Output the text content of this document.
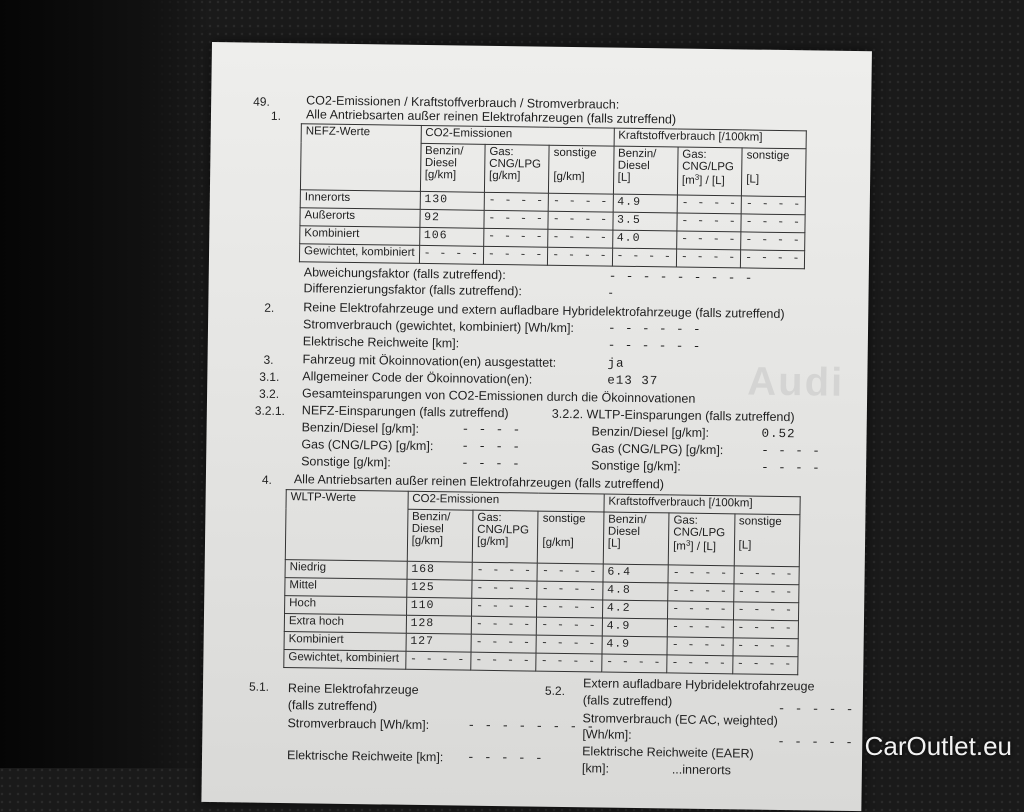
Audi
49.	CO2-Emissionen / Kraftstoffverbrauch / Stromverbrauch:
1. Alle Antriebsarten außer reinen Elektrofahrzeugen (falls zutreffend)
NEFZ-Werte	CO2-Emissionen			Kraftstoffverbrauch [/100km]		
	Benzin/
Diesel
[g/km]	Gas:
CNG/LPG
[g/km]	sonstige

[g/km]	Benzin/
Diesel
[L]	Gas:
CNG/LPG
$[m^3] / [L]$	sonstige

[L]
Innerorts	130	- - - -	- - - -	4.9	- - - -	- - - -
Außerorts	92	- - - -	- - - -	3.5	- - - -	- - - -
Kombiniert	106	- - - -	- - - -	4.0	- - - -	- - - -
Gewichtet, kombiniert	- - - -	- - - -	- - - -	- - - -	- - - -	- - - -
Abweichungsfaktor (falls zutreffend):	- - - - - - - - -
Differenzierungsfaktor (falls zutreffend):	-
2. Reine Elektrofahrzeuge und extern aufladbare Hybridelektrofahrzeuge (falls zutreffend)
Stromverbrauch (gewichtet, kombiniert) [Wh/km]:	- - - - - -
Elektrische Reichweite [km]:	- - - - - -
3. Fahrzeug mit Ökoinnovation(en) ausgestattet:	ja
3.1. Allgemeiner Code der Ökoinnovation(en):	e13 37
3.2. Gesamteinsparungen von CO2-Emissionen durch die Ökoinnovationen
3.2.1. NEFZ-Einsparungen (falls zutreffend)	3.2.2. WLTP-Einsparungen (falls zutreffend)
Benzin/Diesel [g/km]:	- - - -
Gas (CNG/LPG) [g/km]: - - - -
Sonstige [g/km]:	- - - -
Benzin/Diesel [g/km]:	0.52
Gas (CNG/LPG) [g/km]:	- - - -
Sonstige [g/km]:	- - - -
4. Alle Antriebsarten außer reinen Elektrofahrzeugen (falls zutreffend)
WLTP-Werte	CO2-Emissionen			Kraftstoffverbrauch [/100km]		
	Benzin/
Diesel
[g/km]	Gas:
CNG/LPG
[g/km]	sonstige

[g/km]	Benzin/
Diesel
[L]	Gas:
CNG/LPG
$[m^3] / [L]$	sonstige

[L]
Niedrig	168	- - - -	- - - -	6.4	- - - -	- - - -
Mittel	125	- - - -	- - - -	4.8	- - - -	- - - -
Hoch	110	- - - -	- - - -	4.2	- - - -	- - - -
Extra hoch	128	- - - -	- - - -	4.9	- - - -	- - - -
Kombiniert	127	- - - -	- - - -	4.9	- - - -	- - - -
Gewichtet, kombiniert	- - - -	- - - -	- - - -	- - - -	- - - -	- - - -
5.1. Reine Elektrofahrzeuge
(falls zutreffend)
Stromverbrauch [Wh/km]:	- - - - - - - -
Elektrische Reichweite [km]: - - - - -
5.2. Extern aufladbare Hybridelektrofahrzeuge
(falls zutreffend)
Stromverbrauch (EC AC, weighted)
- - - - - - -
[Wh/km]:
Elektrische Reichweite (EAER)
- - - - -
[km]:	...innerorts
CarOutlet.eu
